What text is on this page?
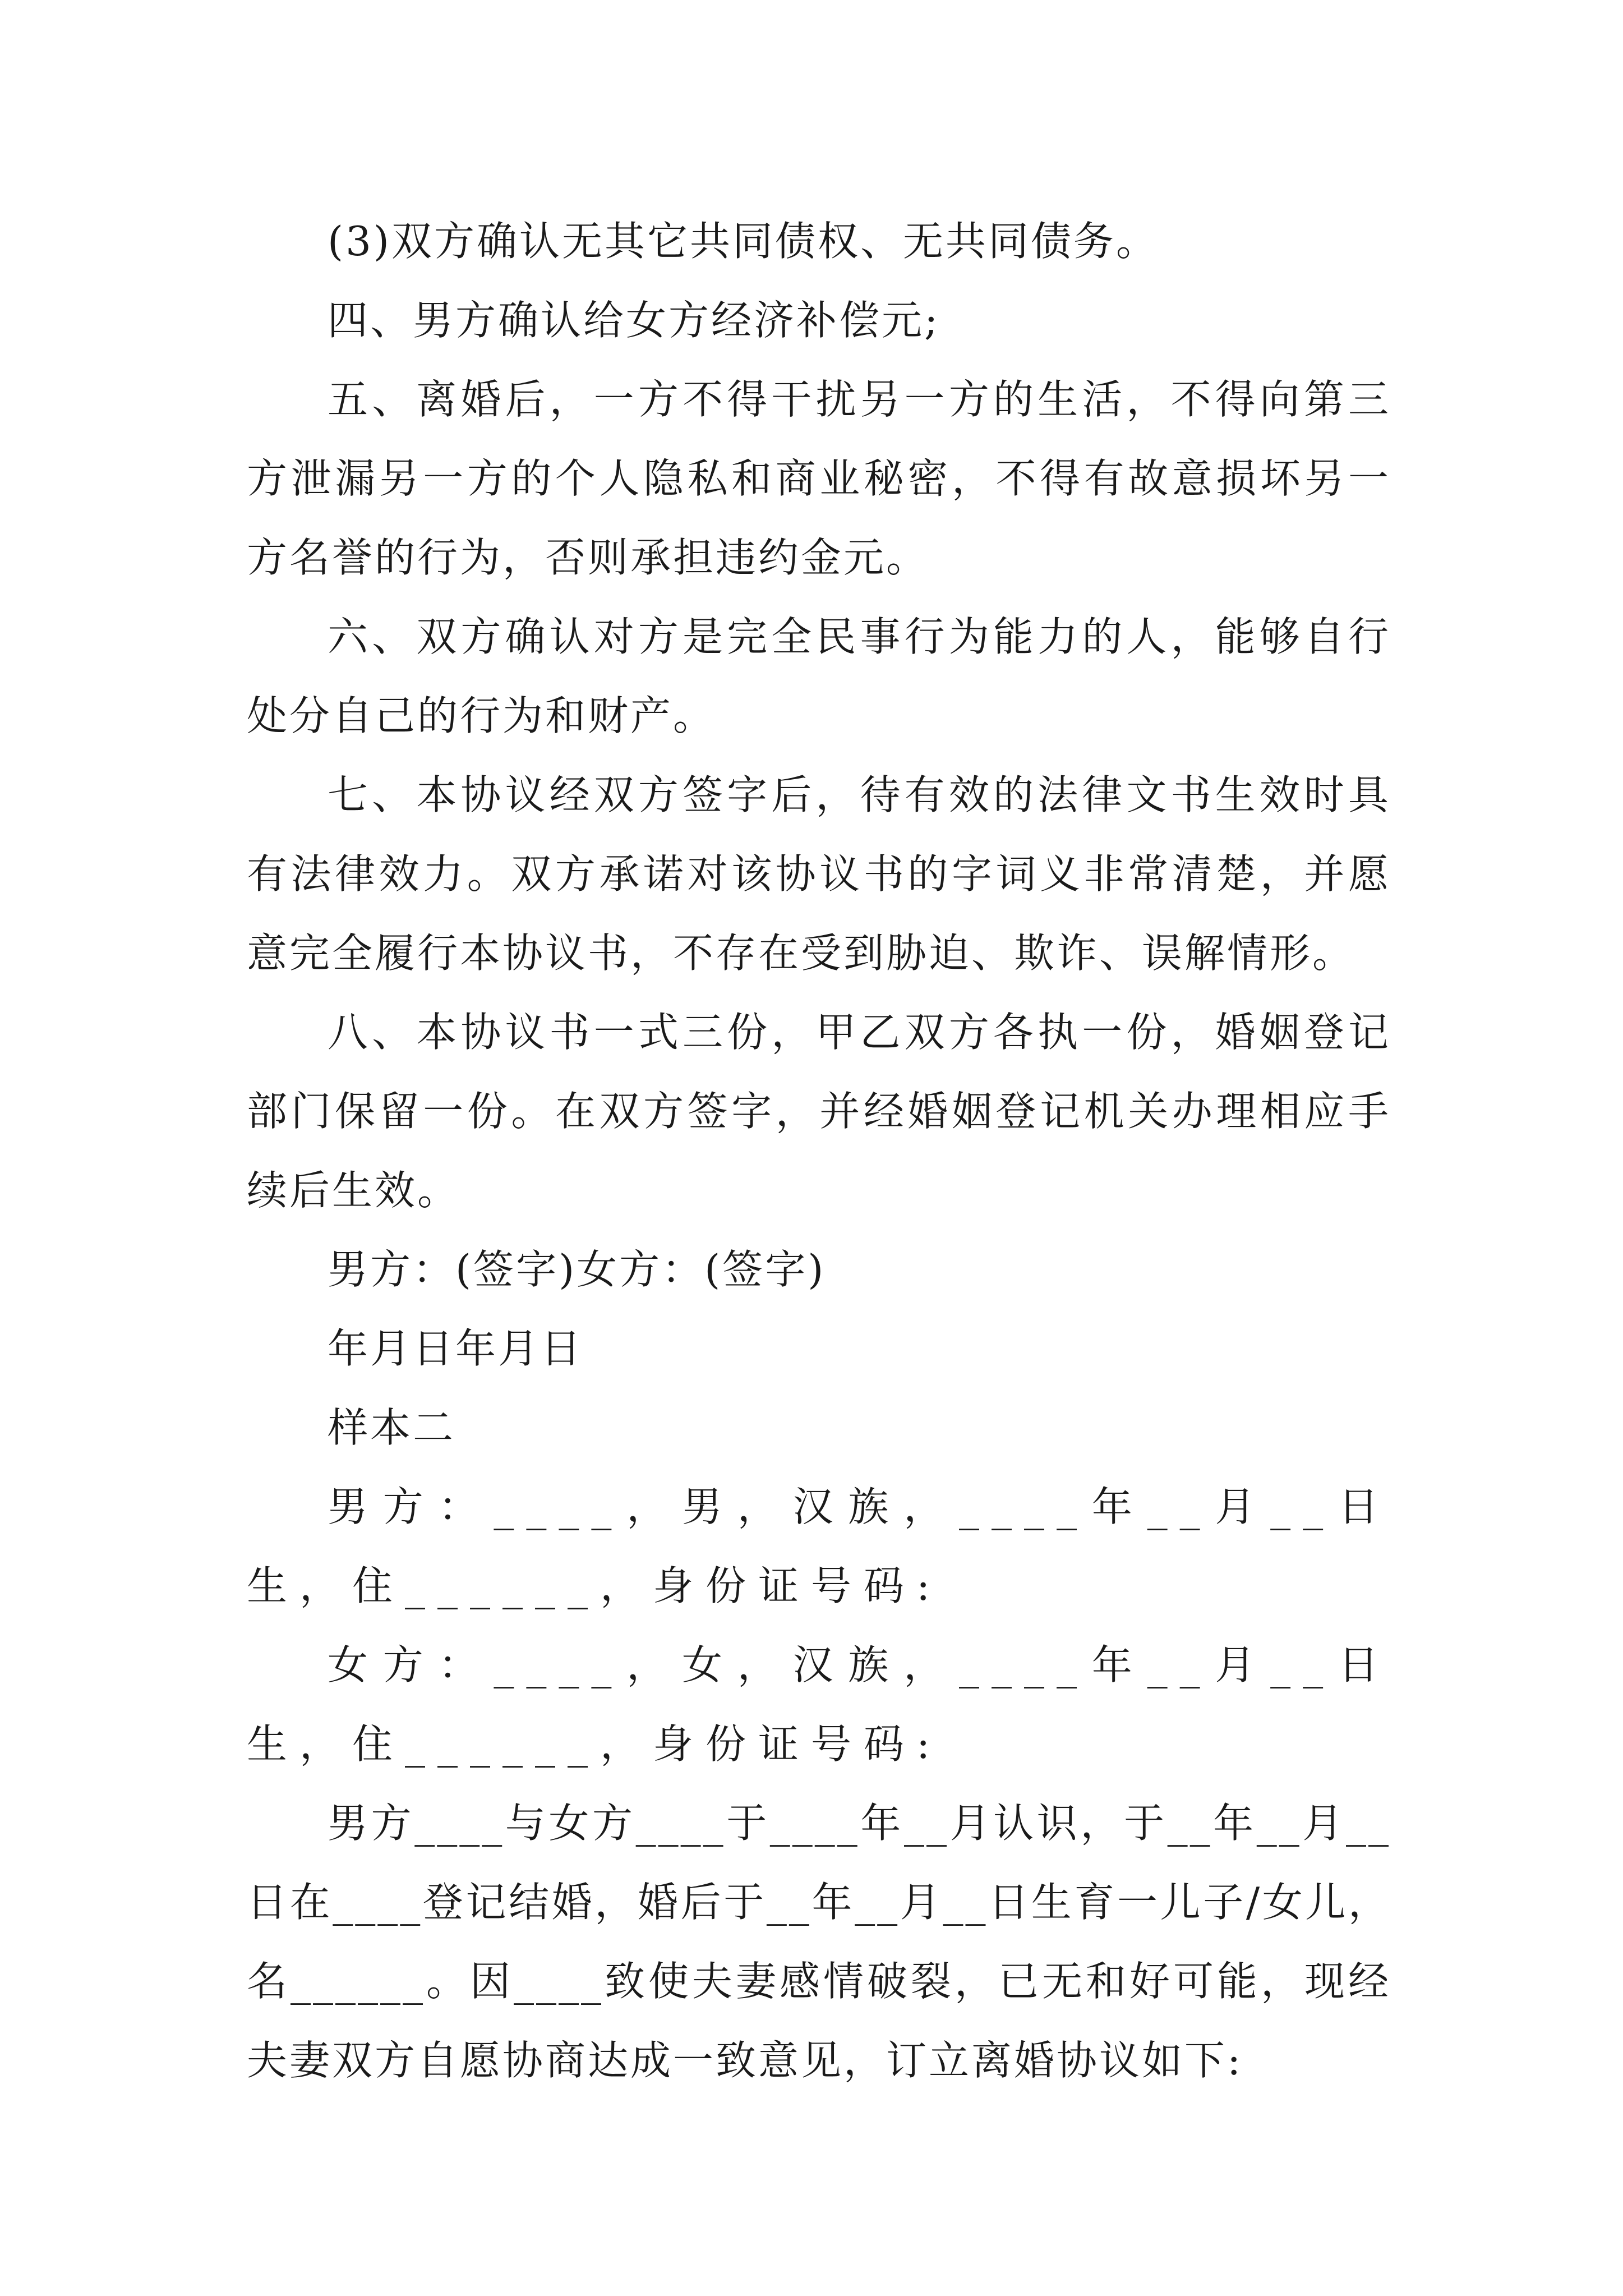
(3)双方确认无其它共同债权、无共同债务。

四、男方确认给女方经济补偿元;

五、离婚后，一方不得干扰另一方的生活，不得向第三方泄漏另一方的个人隐私和商业秘密，不得有故意损坏另一方名誉的行为，否则承担违约金元。

六、双方确认对方是完全民事行为能力的人，能够自行处分自己的行为和财产。

七、本协议经双方签字后，待有效的法律文书生效时具有法律效力。双方承诺对该协议书的字词义非常清楚，并愿意完全履行本协议书，不存在受到胁迫、欺诈、误解情形。

八、本协议书一式三份，甲乙双方各执一份，婚姻登记部门保留一份。在双方签字，并经婚姻登记机关办理相应手续后生效。

男方：(签字)女方：(签字)

年月日年月日

样本二

男方：____，男，汉族，____年__月__日生，住______，身份证号码:

女方：____，女，汉族，____年__月__日生，住______，身份证号码:

男方____与女方____于____年__月认识，于__年__月__日在____登记结婚，婚后于__年__月__日生育一儿子/女儿，名______。因____致使夫妻感情破裂，已无和好可能，现经夫妻双方自愿协商达成一致意见，订立离婚协议如下:
